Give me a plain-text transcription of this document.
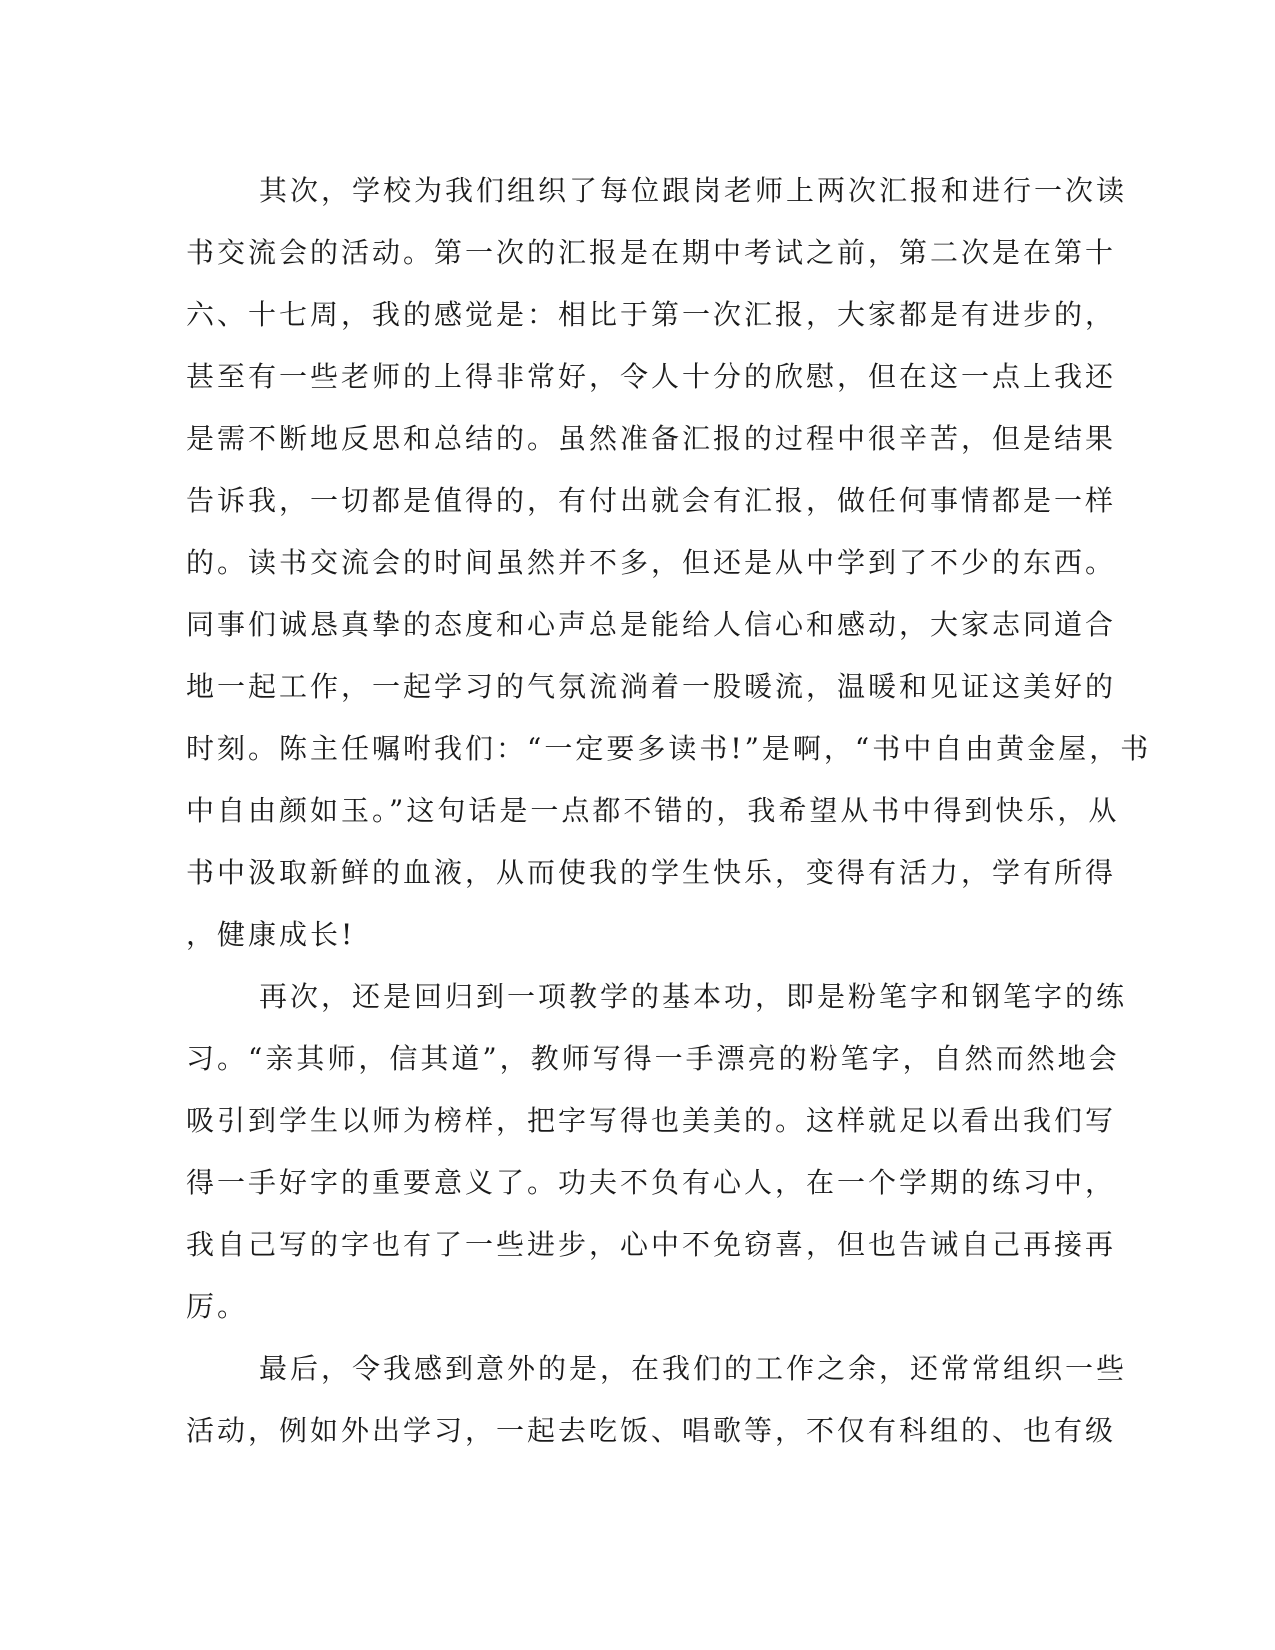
其次，学校为我们组织了每位跟岗老师上两次汇报和进行一次读
书交流会的活动。第一次的汇报是在期中考试之前，第二次是在第十
六、十七周，我的感觉是：相比于第一次汇报，大家都是有进步的，
甚至有一些老师的上得非常好，令人十分的欣慰，但在这一点上我还
是需不断地反思和总结的。虽然准备汇报的过程中很辛苦，但是结果
告诉我，一切都是值得的，有付出就会有汇报，做任何事情都是一样
的。读书交流会的时间虽然并不多，但还是从中学到了不少的东西。
同事们诚恳真挚的态度和心声总是能给人信心和感动，大家志同道合
地一起工作，一起学习的气氛流淌着一股暖流，温暖和见证这美好的
时刻。陈主任嘱咐我们：“一定要多读书!”是啊，“书中自由黄金屋，书
中自由颜如玉。”这句话是一点都不错的，我希望从书中得到快乐，从
书中汲取新鲜的血液，从而使我的学生快乐，变得有活力，学有所得
，健康成长!
再次，还是回归到一项教学的基本功，即是粉笔字和钢笔字的练
习。“亲其师，信其道”，教师写得一手漂亮的粉笔字，自然而然地会
吸引到学生以师为榜样，把字写得也美美的。这样就足以看出我们写
得一手好字的重要意义了。功夫不负有心人，在一个学期的练习中，
我自己写的字也有了一些进步，心中不免窃喜，但也告诫自己再接再
厉。
最后，令我感到意外的是，在我们的工作之余，还常常组织一些
活动，例如外出学习，一起去吃饭、唱歌等，不仅有科组的、也有级
